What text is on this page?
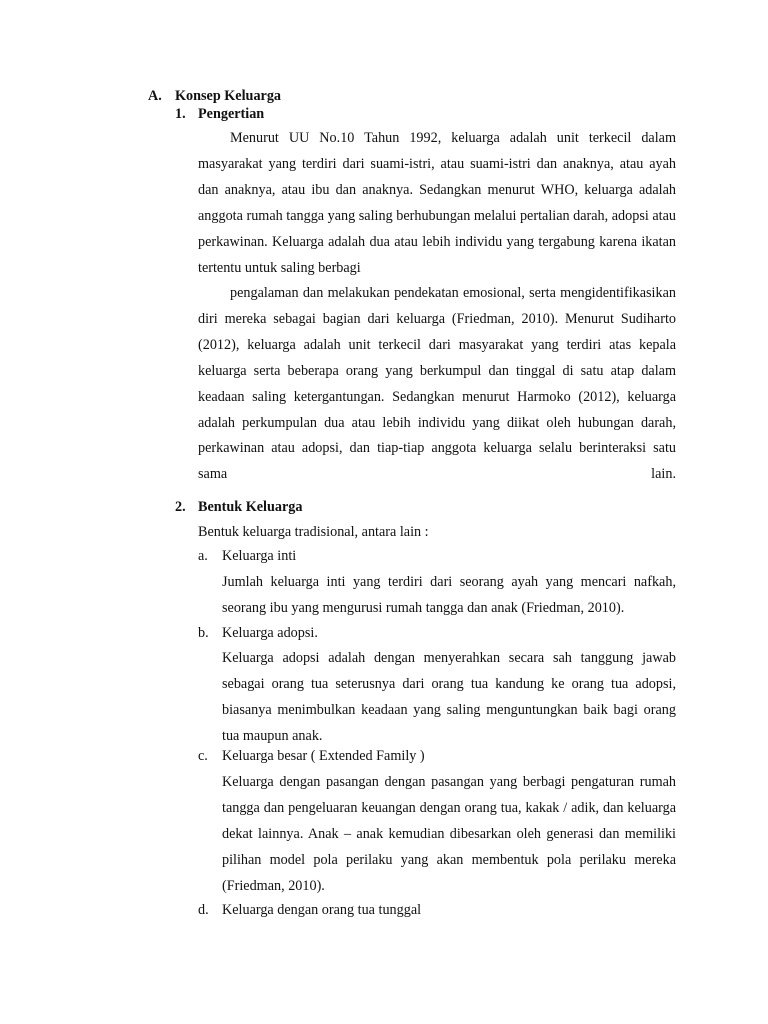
A. Konsep Keluarga
1. Pengertian
Menurut UU No.10 Tahun 1992, keluarga adalah unit terkecil dalam masyarakat yang terdiri dari suami-istri, atau suami-istri dan anaknya, atau ayah dan anaknya, atau ibu dan anaknya. Sedangkan menurut WHO, keluarga adalah anggota rumah tangga yang saling berhubungan melalui pertalian darah, adopsi atau perkawinan. Keluarga adalah dua atau lebih individu yang tergabung karena ikatan tertentu untuk saling berbagi
pengalaman dan melakukan pendekatan emosional, serta mengidentifikasikan diri mereka sebagai bagian dari keluarga (Friedman, 2010). Menurut Sudiharto (2012), keluarga adalah unit terkecil dari masyarakat yang terdiri atas kepala keluarga serta beberapa orang yang berkumpul dan tinggal di satu atap dalam keadaan saling ketergantungan. Sedangkan menurut Harmoko (2012), keluarga adalah perkumpulan dua atau lebih individu yang diikat oleh hubungan darah, perkawinan atau adopsi, dan tiap-tiap anggota keluarga selalu berinteraksi satu sama lain.
2. Bentuk Keluarga
Bentuk keluarga tradisional, antara lain :
a. Keluarga inti
Jumlah keluarga inti yang terdiri dari seorang ayah yang mencari nafkah, seorang ibu yang mengurusi rumah tangga dan anak (Friedman, 2010).
b. Keluarga adopsi.
Keluarga adopsi adalah dengan menyerahkan secara sah tanggung jawab sebagai orang tua seterusnya dari orang tua kandung ke orang tua adopsi, biasanya menimbulkan keadaan yang saling menguntungkan baik bagi orang tua maupun anak.
c. Keluarga besar ( Extended Family )
Keluarga dengan pasangan dengan pasangan yang berbagi pengaturan rumah tangga dan pengeluaran keuangan dengan orang tua, kakak / adik, dan keluarga dekat lainnya. Anak – anak kemudian dibesarkan oleh generasi dan memiliki pilihan model pola perilaku yang akan membentuk pola perilaku mereka (Friedman, 2010).
d. Keluarga dengan orang tua tunggal
